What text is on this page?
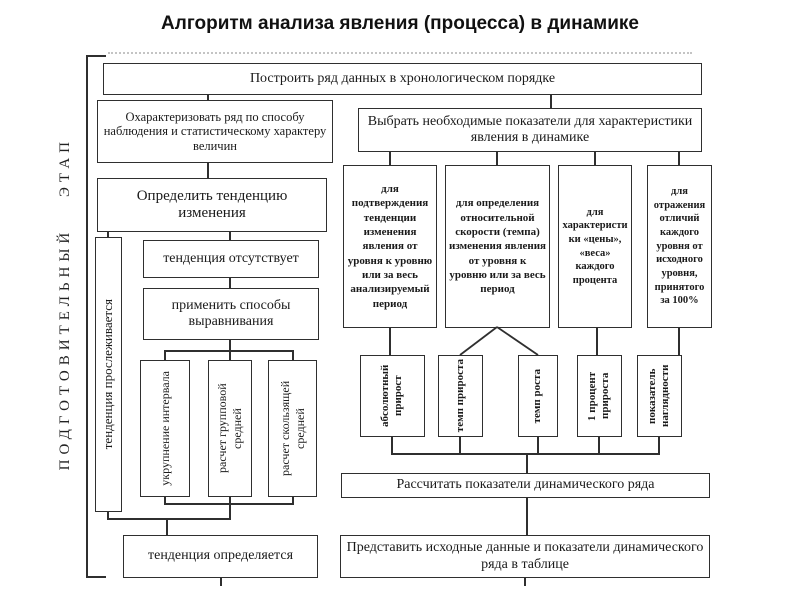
Алгоритм анализа явления (процесса) в динамике
ПОДГОТОВИТЕЛЬНЫЙ ЭТАП
Построить ряд данных в хронологическом порядке
Охарактеризовать ряд по способу наблюдения и статистическому характеру величин
Определить тенденцию изменения
тенденция прослеживается
тенденция отсутствует
применить способы выравнивания
укрупнение интервала	расчет групповой средней	расчет скользящей средней
тенденция определяется
Выбрать необходимые показатели для характеристики явления в динамике
для подтверждения тенденции изменения явления от уровня к уровню или за весь анализируемый период
для определения относительной скорости (темпа) изменения явления от уровня к уровню или за весь период
для характеристики «цены», «веса» каждого процента
для отражения отличий каждого уровня от исходного уровня, принятого за 100%
абсолютный прирост	темп прироста	темп роста	1 процент прироста	показатель наглядности
Рассчитать показатели динамического ряда
Представить исходные данные и показатели динамического ряда в таблице
